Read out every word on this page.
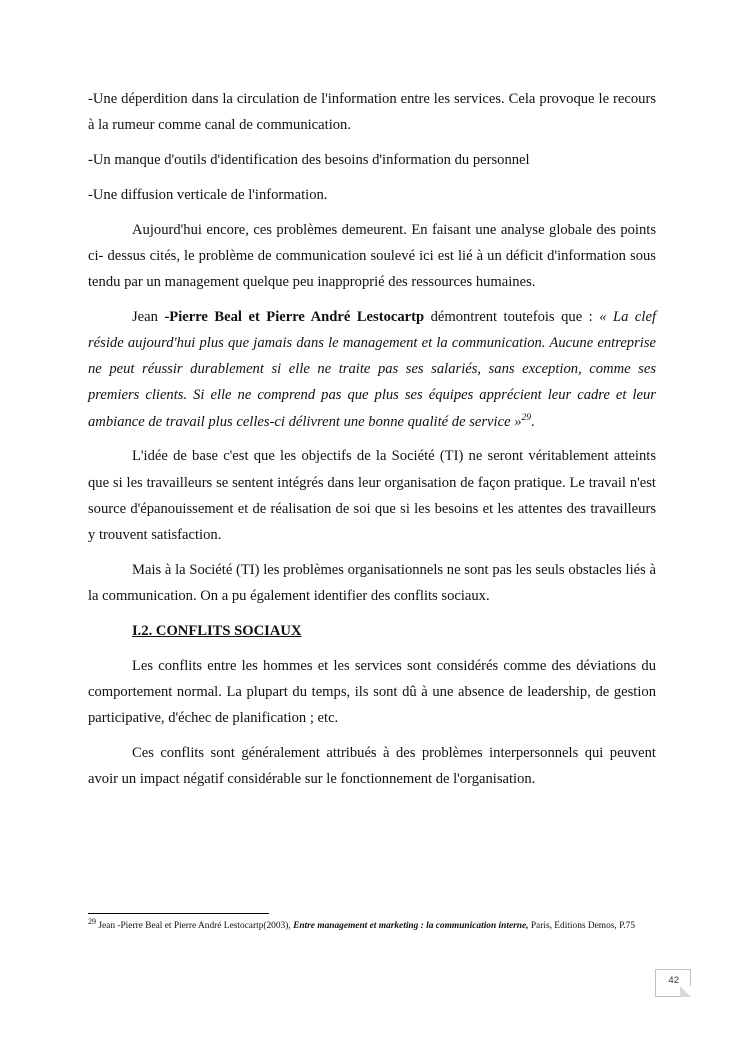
-Une déperdition dans la circulation de l'information entre les services. Cela provoque le recours à la rumeur comme canal de communication.

-Un manque d'outils d'identification des besoins d'information du personnel

-Une diffusion verticale de l'information.

Aujourd'hui encore, ces problèmes demeurent. En faisant une analyse globale des points ci- dessus cités, le problème de communication soulevé ici est lié à un déficit d'information sous tendu par un management quelque peu inapproprié des ressources humaines.

Jean -Pierre Beal et Pierre André Lestocartp démontrent toutefois que : « La clef réside aujourd'hui plus que jamais dans le management et la communication. Aucune entreprise ne peut réussir durablement si elle ne traite pas ses salariés, sans exception, comme ses premiers clients. Si elle ne comprend pas que plus ses équipes apprécient leur cadre et leur ambiance de travail plus celles-ci délivrent une bonne qualité de service »$^{29}$.

L'idée de base c'est que les objectifs de la Société (TI) ne seront véritablement atteints que si les travailleurs se sentent intégrés dans leur organisation de façon pratique. Le travail n'est source d'épanouissement et de réalisation de soi que si les besoins et les attentes des travailleurs y trouvent satisfaction.

Mais à la Société (TI) les problèmes organisationnels ne sont pas les seuls obstacles liés à la communication. On a pu également identifier des conflits sociaux.

I.2. CONFLITS SOCIAUX

Les conflits entre les hommes et les services sont considérés comme des déviations du comportement normal. La plupart du temps, ils sont dû à une absence de leadership, de gestion participative, d'échec de planification ; etc.

Ces conflits sont généralement attribués à des problèmes interpersonnels qui peuvent avoir un impact négatif considérable sur le fonctionnement de l'organisation.

29 Jean -Pierre Beal et Pierre André Lestocartp(2003), Entre management et marketing : la communication interne, Paris, Editions Demos, P.75
42
